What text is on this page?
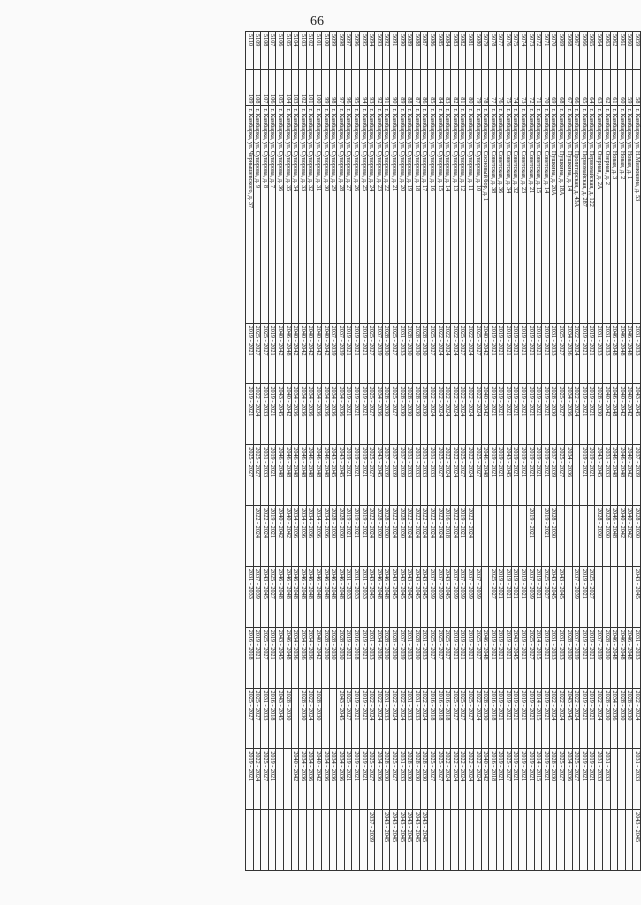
66
5059	58	г. Камбарка, ул. Н.Милюкина, д. 53	2031 - 2033	2043 - 2045	2037 - 2039	2028 - 2030	2043 - 2045	2031 - 2033	2022 - 2024	2031 - 2033	2043 - 2045
5060	59	г. Камбарка, ул. Новая, д. 1	2046 - 2048	2040 - 2042	2040 - 2042	2040 - 2042		2046 - 2048	2028 - 2030		
5061	60	г. Камбарка, ул. Новая, д. 2	2046 - 2048	2040 - 2042	2046 - 2048	2040 - 2042		2046 - 2048	2028 - 2030		
5062	61	г. Камбарка, ул. Новая, д. 3	2046 - 2048	2046 - 2048	2046 - 2048	2046 - 2048		2046 - 2048	2034 - 2036		
5063	62	г. Камбарка, ул. Озерная, д. 2	2031 - 2033	2040 - 2042	2031 - 2033	2028 - 2030		2028 - 2030	2028 - 2030	2031 - 2033	
5064	63	г. Камбарка, ул. Озерная, д. 2А	2031 - 2033	2028 - 2030	2043 - 2045	2028 - 2030		2037 - 2039	2022 - 2024	2031 - 2033	
5065	64	г. Камбарка, ул. Первомайская, д. 122	2019 - 2021	2019 - 2021	2019 - 2021		2025 - 2027	2019 - 2021	2019 - 2021	2019 - 2021	
5066	65	г. Камбарка, ул. Первомайская, д. 287	2019 - 2021	2019 - 2021	2019 - 2021		2019 - 2021	2019 - 2021	2019 - 2021	2019 - 2021	
5067	66	г. Камбарка, ул. Пролетарская, д. 43А	2022 - 2024	2022 - 2024			2037 - 2039	2037 - 2039	2022 - 2024	2025 - 2027	
5068	67	г. Камбарка, ул. Пушкина, д. 14	2034 - 2036	2034 - 2036	2034 - 2036			2028 - 2030	2043 - 2045	2034 - 2036	
5069	68	г. Камбарка, ул. Пушкина, д. 18А	2025 - 2027	2025 - 2027	2025 - 2027		2043 - 2045	2031 - 2033	2022 - 2024	2025 - 2027	
5070	69	г. Камбарка, ул. Пушкина, д. 20А	2031 - 2033	2028 - 2030	2037 - 2039	2028 - 2030	2043 - 2045	2031 - 2033	2022 - 2024	2028 - 2030	
5071	70	г. Камбарка, ул. Советская, д. 14	2019 - 2021	2019 - 2021	2019 - 2021	2019 - 2021	2025 - 2027	2019 - 2021	2019 - 2021	2019 - 2021	
5072	71	г. Камбарка, ул. Советская, д. 15	2019 - 2021	2019 - 2021	2019 - 2021		2019 - 2021	2014 - 2015	2014 - 2015	2014 - 2015	
5073	72	г. Камбарка, ул. Советская, д. 21	2019 - 2021	2019 - 2021	2019 - 2021	2019 - 2021	2037 - 2039	2025 - 2027	2019 - 2021	2019 - 2021	
5074	73	г. Камбарка, ул. Советская, д. 23	2019 - 2021	2019 - 2021	2019 - 2021		2019 - 2021	2019 - 2021	2019 - 2021	2019 - 2021	
5075	74	г. Камбарка, ул. Советская, д. 32	2019 - 2021	2019 - 2021	2019 - 2021		2019 - 2021	2043 - 2045	2019 - 2021	2019 - 2021	
5076	75	г. Камбарка, ул. Советская, д. 34	2019 - 2021	2019 - 2021	2043 - 2045		2019 - 2021	2019 - 2021	2019 - 2021	2025 - 2027	
5077	76	г. Камбарка, ул. Советская, д. 36	2019 - 2021	2019 - 2021	2019 - 2021		2019 - 2021	2019 - 2021	2019 - 2021	2019 - 2021	
5078	77	г. Камбарка, ул. Советская, д. 38	2019 - 2021	2019 - 2021	2019 - 2021		2025 - 2027	2019 - 2021	2016 - 2018	2016 - 2018	
5079	78	г. Камбарка, ул. Сосновый бор, д. 1	2040 - 2042	2040 - 2042	2046 - 2048			2046 - 2048	2028 - 2030	2040 - 2042	
5080	79	г. Камбарка, ул. Суворова, д. 10	2025 - 2027	2022 - 2024	2025 - 2027		2037 - 2039	2025 - 2027	2022 - 2024	2022 - 2024	
5081	80	г. Камбарка, ул. Суворова, д. 11	2022 - 2024	2022 - 2024	2022 - 2024	2022 - 2024	2037 - 2039	2019 - 2021	2025 - 2027	2022 - 2024	
5082	81	г. Камбарка, ул. Суворова, д. 12	2025 - 2027	2022 - 2024	2025 - 2027	2019 - 2021	2037 - 2039	2019 - 2021	2025 - 2027	2022 - 2024	
5083	82	г. Камбарка, ул. Суворова, д. 13	2022 - 2024	2022 - 2024	2022 - 2024	2022 - 2024	2037 - 2039	2019 - 2021	2025 - 2027	2022 - 2024	
5084	83	г. Камбарка, ул. Суворова, д. 14	2022 - 2024	2022 - 2024	2022 - 2024	2016 - 2018	2043 - 2045	2025 - 2027	2016 - 2018	2022 - 2024	
5085	84	г. Камбарка, ул. Суворова, д. 15	2022 - 2024	2022 - 2024	2025 - 2027	2022 - 2024	2037 - 2039	2025 - 2027	2016 - 2018	2025 - 2027	
5086	85	г. Камбарка, ул. Суворова, д. 16	2025 - 2027	2022 - 2024	2031 - 2033	2022 - 2024	2037 - 2039	2025 - 2027	2016 - 2018	2025 - 2027	
5087	86	г. Камбарка, ул. Суворова, д. 17	2028 - 2030	2028 - 2030	2031 - 2033	2022 - 2024	2043 - 2045	2031 - 2033	2022 - 2024	2028 - 2030	2043 - 2045
5088	87	г. Камбарка, ул. Суворова, д. 18	2028 - 2030	2028 - 2030	2031 - 2033	2022 - 2024	2043 - 2045	2028 - 2030	2031 - 2033	2028 - 2030	2043 - 2045
5089	88	г. Камбарка, ул. Суворова, д. 19	2028 - 2030	2028 - 2030	2031 - 2033	2022 - 2024	2043 - 2045	2031 - 2033	2031 - 2033	2028 - 2030	2043 - 2045
5090	89	г. Камбарка, ул. Суворова, д. 20	2031 - 2033	2028 - 2030	2037 - 2039	2028 - 2030	2043 - 2045	2037 - 2039	2022 - 2024	2031 - 2033	2043 - 2045
5091	90	г. Камбарка, ул. Суворова, д. 21	2025 - 2027	2025 - 2027	2037 - 2039	2022 - 2024	2043 - 2045	2028 - 2030	2022 - 2024	2025 - 2027	2043 - 2045
5092	91	г. Камбарка, ул. Суворова, д. 22	2028 - 2030	2028 - 2030	2037 - 2039	2028 - 2030	2046 - 2048	2028 - 2030	2031 - 2033	2028 - 2030	2043 - 2045
5093	92	г. Камбарка, ул. Суворова, д. 23	2037 - 2039	2034 - 2036	2043 - 2045	2028 - 2030	2046 - 2048	2034 - 2036	2022 - 2024	2034 - 2036	
5094	93	г. Камбарка, ул. Суворова, д. 24	2025 - 2027	2025 - 2027	2025 - 2027	2022 - 2024	2043 - 2045	2031 - 2033	2022 - 2024	2025 - 2027	2037 - 2039
5095	94	г. Камбарка, ул. Суворова, д. 25	2019 - 2021	2019 - 2021	2019 - 2021	2019 - 2021	2031 - 2033	2019 - 2021	2019 - 2021	2019 - 2021	
5096	95	г. Камбарка, ул. Суворова, д. 26	2019 - 2021	2019 - 2021	2019 - 2021	2019 - 2021	2031 - 2033	2016 - 2018	2019 - 2021	2019 - 2021	
5097	96	г. Камбарка, ул. Суворова, д. 27	2019 - 2021	2019 - 2021	2019 - 2021	2019 - 2021	2031 - 2033	2019 - 2021	2025 - 2027	2019 - 2021	
5098	97	г. Камбарка, ул. Суворова, д. 28	2037 - 2039	2034 - 2036	2043 - 2045	2028 - 2030	2046 - 2048	2028 - 2030	2043 - 2045	2034 - 2036	
5099	98	г. Камбарка, ул. Суворова, д. 29	2037 - 2039	2034 - 2036	2043 - 2045	2028 - 2030	2046 - 2048	2028 - 2030		2034 - 2036	
5100	99	г. Камбарка, ул. Суворова, д. 30	2040 - 2042	2034 - 2036	2046 - 2048	2034 - 2036	2046 - 2048	2028 - 2030		2034 - 2036	
5101	100	г. Камбарка, ул. Суворова, д. 31	2040 - 2042	2034 - 2036	2046 - 2048	2034 - 2036	2046 - 2048	2040 - 2042	2028 - 2030	2040 - 2042	
5102	101	г. Камбарка, ул. Суворова, д. 32	2040 - 2042	2034 - 2036	2046 - 2048	2034 - 2036	2046 - 2048	2034 - 2036	2022 - 2024	2034 - 2036	
5103	102	г. Камбарка, ул. Суворова, д. 33	2040 - 2042	2034 - 2036	2046 - 2048	2034 - 2036	2046 - 2048	2034 - 2036	2028 - 2030	2034 - 2036	
5104	103	г. Камбарка, ул. Суворова, д. 34	2040 - 2042	2034 - 2036	2046 - 2048	2034 - 2036	2046 - 2048	2034 - 2036		2040 - 2042	
5105	104	г. Камбарка, ул. Суворова, д. 35	2046 - 2048	2040 - 2042	2046 - 2048	2040 - 2042	2046 - 2048	2046 - 2048	2028 - 2030		
5106	105	г. Камбарка, ул. Суворова, д. 36	2040 - 2042	2043 - 2045	2046 - 2048	2040 - 2042	2046 - 2048	2043 - 2045	2043 - 2045		
5107	106	г. Камбарка, ул. Суворова, д. 7	2019 - 2021	2019 - 2021	2019 - 2021	2019 - 2021	2025 - 2027	2019 - 2021	2016 - 2018	2019 - 2021	
5108	107	г. Камбарка, ул. Суворова, д. 8	2025 - 2027	2031 - 2033	2031 - 2033	2022 - 2024	2043 - 2045	2025 - 2027	2031 - 2033	2025 - 2027	
5109	108	г. Камбарка, ул. Суворова, д. 9	2025 - 2027	2022 - 2024	2025 - 2027	2022 - 2024	2037 - 2039	2019 - 2021	2025 - 2027	2022 - 2024	
5110	109	г. Камбарка, ул. Чернышевского, д. 37	2019 - 2021	2019 - 2021	2025 - 2027		2031 - 2033	2016 - 2018	2025 - 2027	2019 - 2021	
